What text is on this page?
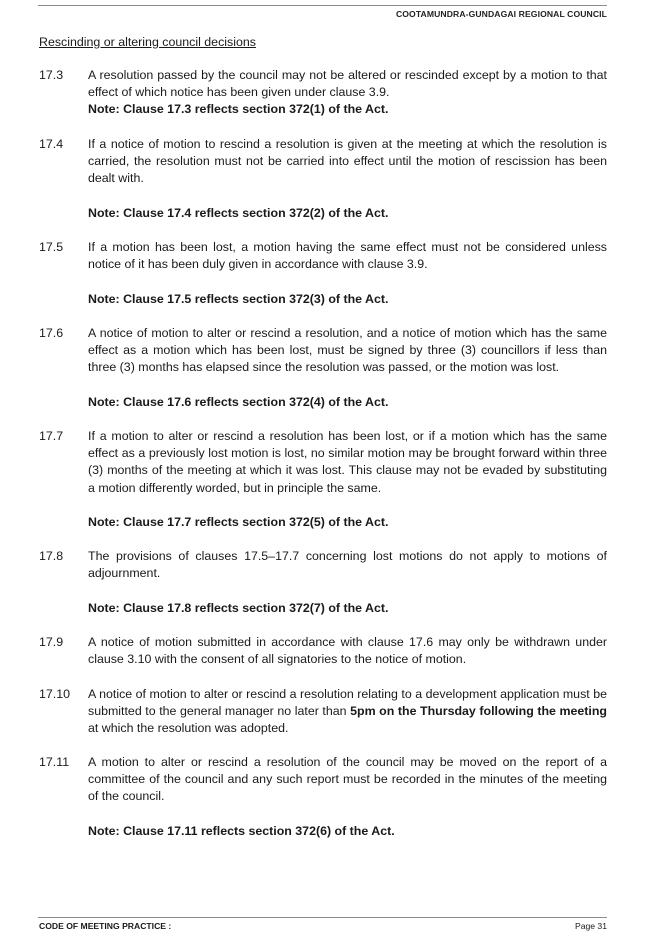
COOTAMUNDRA-GUNDAGAI REGIONAL COUNCIL
Rescinding or altering council decisions
17.3	A resolution passed by the council may not be altered or rescinded except by a motion to that effect of which notice has been given under clause 3.9.
Note: Clause 17.3 reflects section 372(1) of the Act.
17.4	If a notice of motion to rescind a resolution is given at the meeting at which the resolution is carried, the resolution must not be carried into effect until the motion of rescission has been dealt with.
Note: Clause 17.4 reflects section 372(2) of the Act.
17.5	If a motion has been lost, a motion having the same effect must not be considered unless notice of it has been duly given in accordance with clause 3.9.
Note: Clause 17.5 reflects section 372(3) of the Act.
17.6	A notice of motion to alter or rescind a resolution, and a notice of motion which has the same effect as a motion which has been lost, must be signed by three (3) councillors if less than three (3) months has elapsed since the resolution was passed, or the motion was lost.
Note: Clause 17.6 reflects section 372(4) of the Act.
17.7	If a motion to alter or rescind a resolution has been lost, or if a motion which has the same effect as a previously lost motion is lost, no similar motion may be brought forward within three (3) months of the meeting at which it was lost. This clause may not be evaded by substituting a motion differently worded, but in principle the same.
Note: Clause 17.7 reflects section 372(5) of the Act.
17.8	The provisions of clauses 17.5–17.7 concerning lost motions do not apply to motions of adjournment.
Note: Clause 17.8 reflects section 372(7) of the Act.
17.9	A notice of motion submitted in accordance with clause 17.6 may only be withdrawn under clause 3.10 with the consent of all signatories to the notice of motion.
17.10	A notice of motion to alter or rescind a resolution relating to a development application must be submitted to the general manager no later than 5pm on the Thursday following the meeting at which the resolution was adopted.
17.11	A motion to alter or rescind a resolution of the council may be moved on the report of a committee of the council and any such report must be recorded in the minutes of the meeting of the council.
Note: Clause 17.11 reflects section 372(6) of the Act.
CODE OF MEETING PRACTICE :	Page 31
